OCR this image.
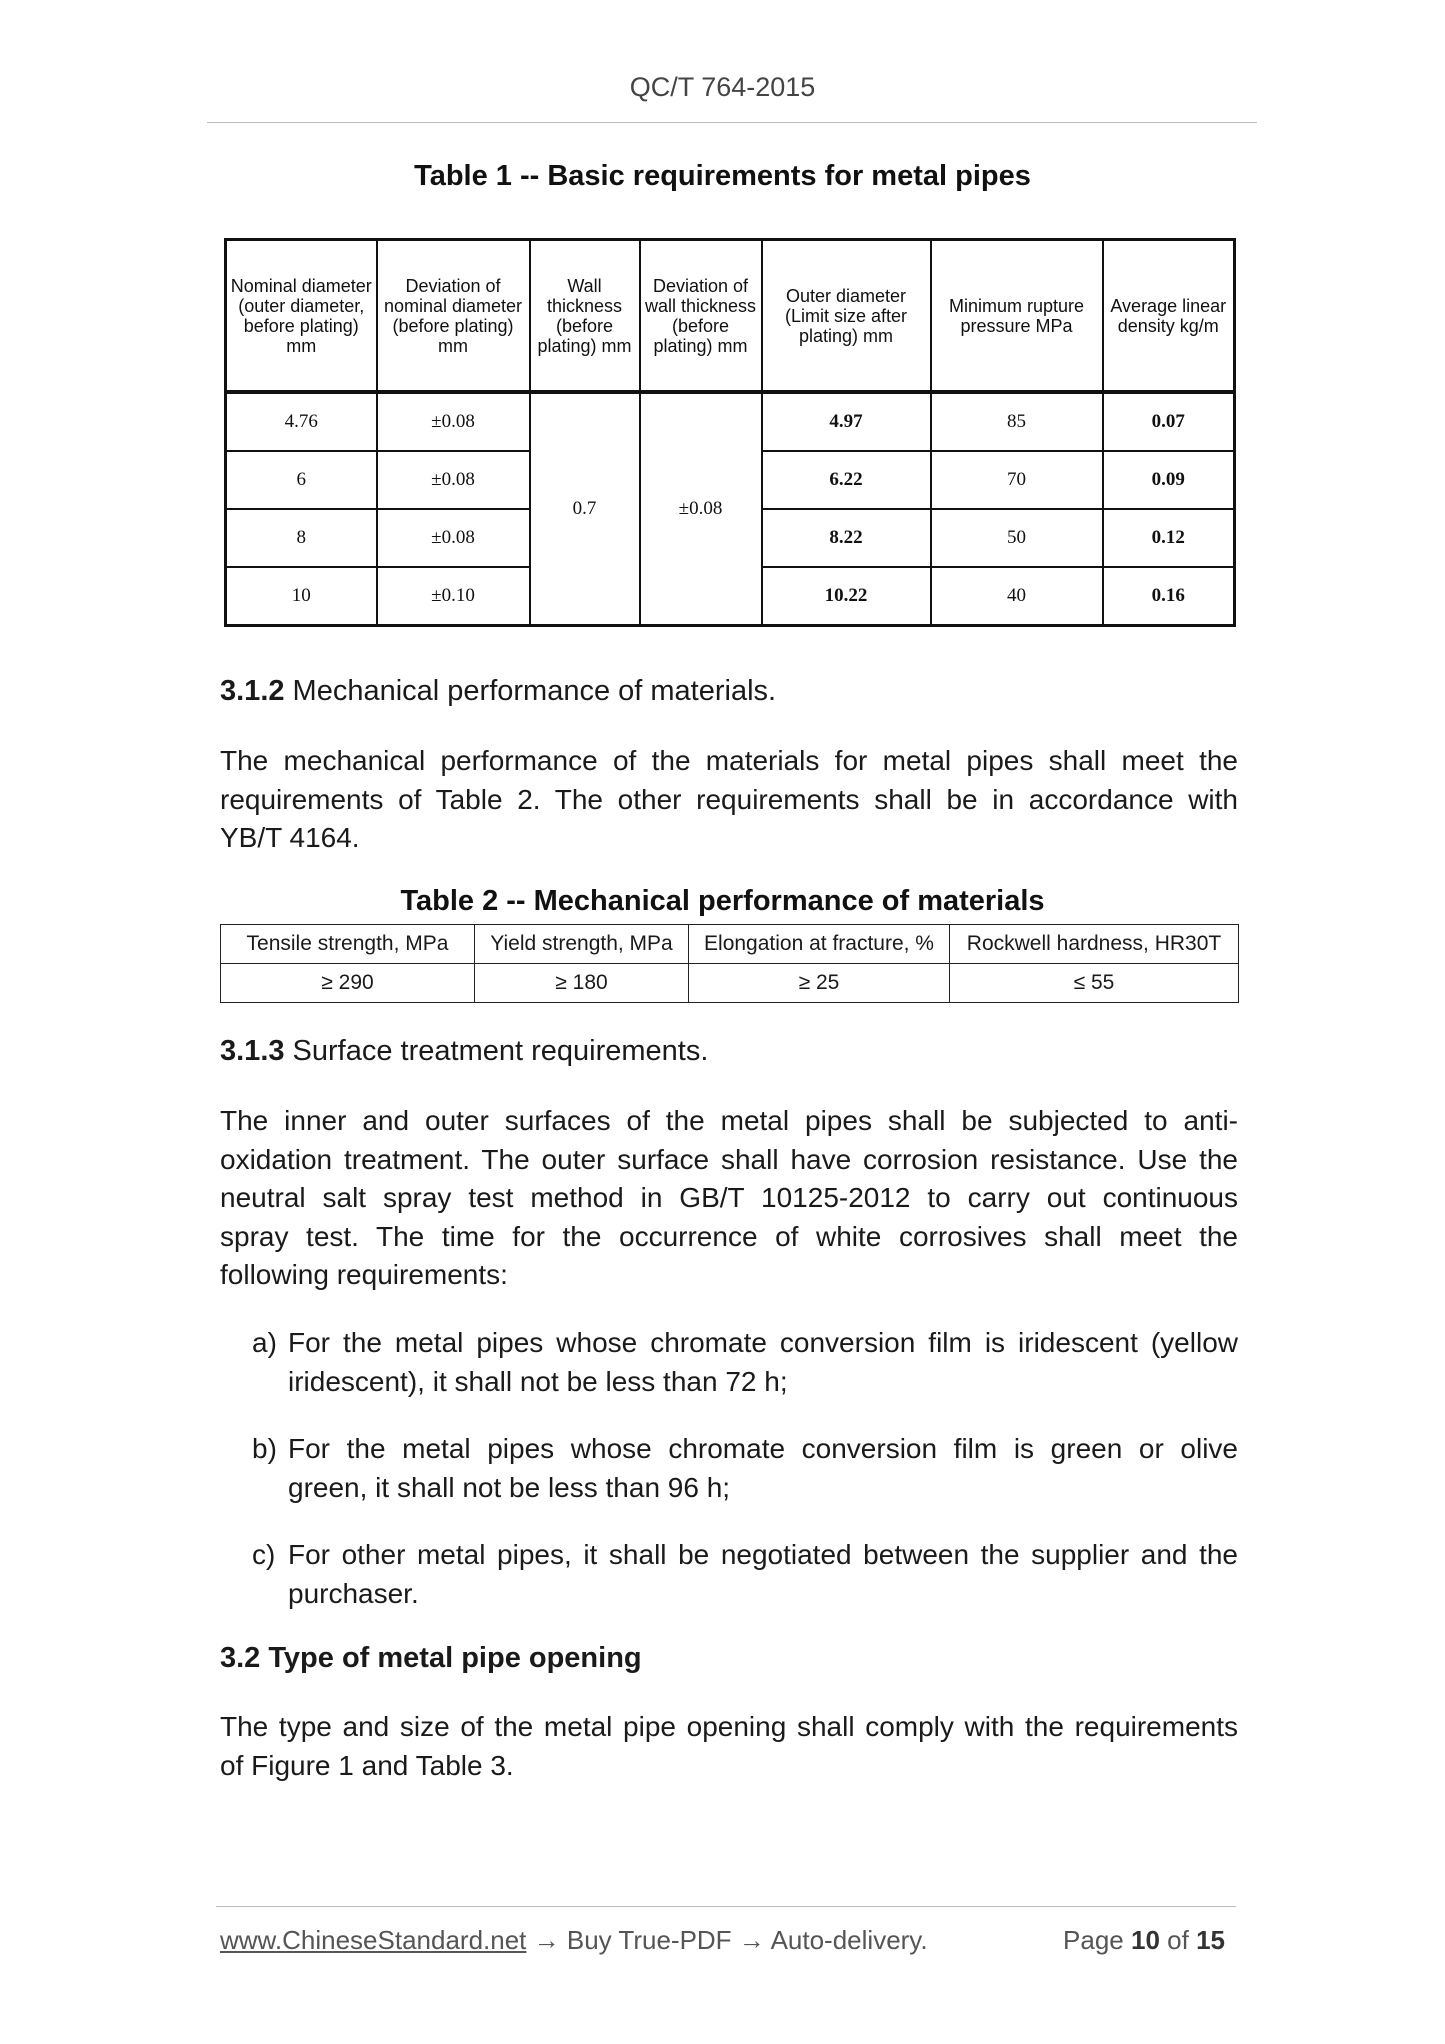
QC/T 764-2015
Table 1 -- Basic requirements for metal pipes
Nominal diameter (outer diameter, before plating) mm	Deviation of nominal diameter (before plating) mm	Wall thickness (before plating) mm	Deviation of wall thickness (before plating) mm	Outer diameter (Limit size after plating) mm	Minimum rupture pressure MPa	Average linear density kg/m
4.76	±0.08	0.7	±0.08	4.97	85	0.07
6	±0.08			6.22	70	0.09
8	±0.08			8.22	50	0.12
10	±0.10			10.22	40	0.16
3.1.2 Mechanical performance of materials.
The mechanical performance of the materials for metal pipes shall meet the
requirements of Table 2. The other requirements shall be in accordance with
YB/T 4164.
Table 2 -- Mechanical performance of materials
Tensile strength, MPa	Yield strength, MPa	Elongation at fracture, %	Rockwell hardness, HR30T
≥ 290	≥ 180	≥ 25	≤ 55
3.1.3 Surface treatment requirements.
The inner and outer surfaces of the metal pipes shall be subjected to anti-
oxidation treatment. The outer surface shall have corrosion resistance. Use the
neutral salt spray test method in GB/T 10125-2012 to carry out continuous
spray test. The time for the occurrence of white corrosives shall meet the
following requirements:
a) For the metal pipes whose chromate conversion film is iridescent (yellow
iridescent), it shall not be less than 72 h;
b) For the metal pipes whose chromate conversion film is green or olive
green, it shall not be less than 96 h;
c) For other metal pipes, it shall be negotiated between the supplier and the
purchaser.
3.2 Type of metal pipe opening
The type and size of the metal pipe opening shall comply with the requirements
of Figure 1 and Table 3.
www.ChineseStandard.net → Buy True-PDF → Auto-delivery.	Page 10 of 15
